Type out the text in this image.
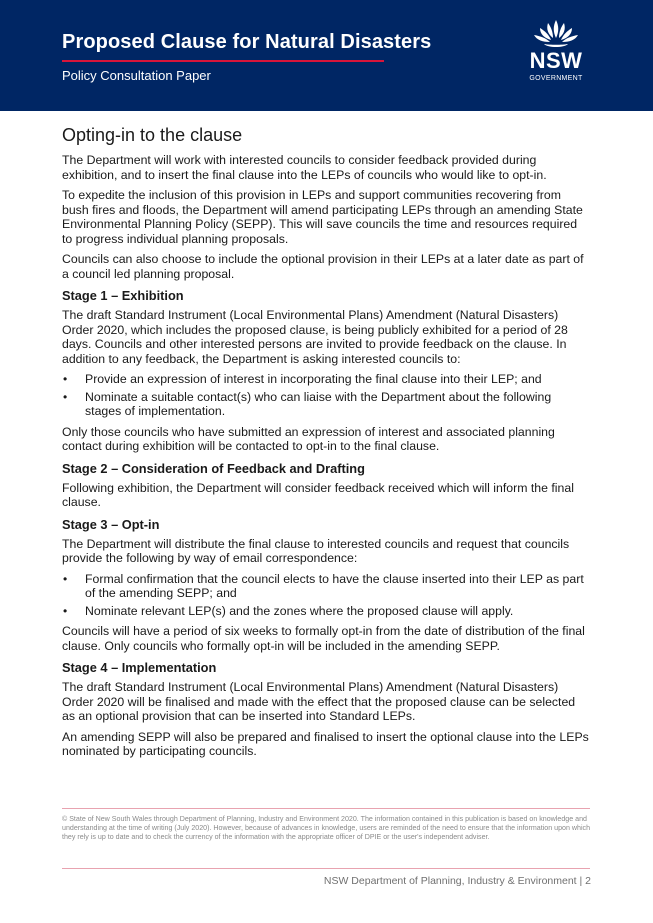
Proposed Clause for Natural Disasters
Policy Consultation Paper
NSW
GOVERNMENT
Opting-in to the clause

The Department will work with interested councils to consider feedback provided during exhibition, and to insert the final clause into the LEPs of councils who would like to opt-in.

To expedite the inclusion of this provision in LEPs and support communities recovering from bush fires and floods, the Department will amend participating LEPs through an amending State Environmental Planning Policy (SEPP). This will save councils the time and resources required to progress individual planning proposals.

Councils can also choose to include the optional provision in their LEPs at a later date as part of a council led planning proposal.

Stage 1 – Exhibition

The draft Standard Instrument (Local Environmental Plans) Amendment (Natural Disasters) Order 2020, which includes the proposed clause, is being publicly exhibited for a period of 28 days. Councils and other interested persons are invited to provide feedback on the clause. In addition to any feedback, the Department is asking interested councils to:

• Provide an expression of interest in incorporating the final clause into their LEP; and
• Nominate a suitable contact(s) who can liaise with the Department about the following stages of implementation.

Only those councils who have submitted an expression of interest and associated planning contact during exhibition will be contacted to opt-in to the final clause.

Stage 2 – Consideration of Feedback and Drafting

Following exhibition, the Department will consider feedback received which will inform the final clause.

Stage 3 – Opt-in

The Department will distribute the final clause to interested councils and request that councils provide the following by way of email correspondence:

• Formal confirmation that the council elects to have the clause inserted into their LEP as part of the amending SEPP; and
• Nominate relevant LEP(s) and the zones where the proposed clause will apply.

Councils will have a period of six weeks to formally opt-in from the date of distribution of the final clause. Only councils who formally opt-in will be included in the amending SEPP.

Stage 4 – Implementation

The draft Standard Instrument (Local Environmental Plans) Amendment (Natural Disasters) Order 2020 will be finalised and made with the effect that the proposed clause can be selected as an optional provision that can be inserted into Standard LEPs.

An amending SEPP will also be prepared and finalised to insert the optional clause into the LEPs nominated by participating councils.

© State of New South Wales through Department of Planning, Industry and Environment 2020. The information contained in this publication is based on knowledge and understanding at the time of writing (July 2020). However, because of advances in knowledge, users are reminded of the need to ensure that the information upon which they rely is up to date and to check the currency of the information with the appropriate officer of DPIE or the user's independent adviser.
NSW Department of Planning, Industry & Environment | 2
